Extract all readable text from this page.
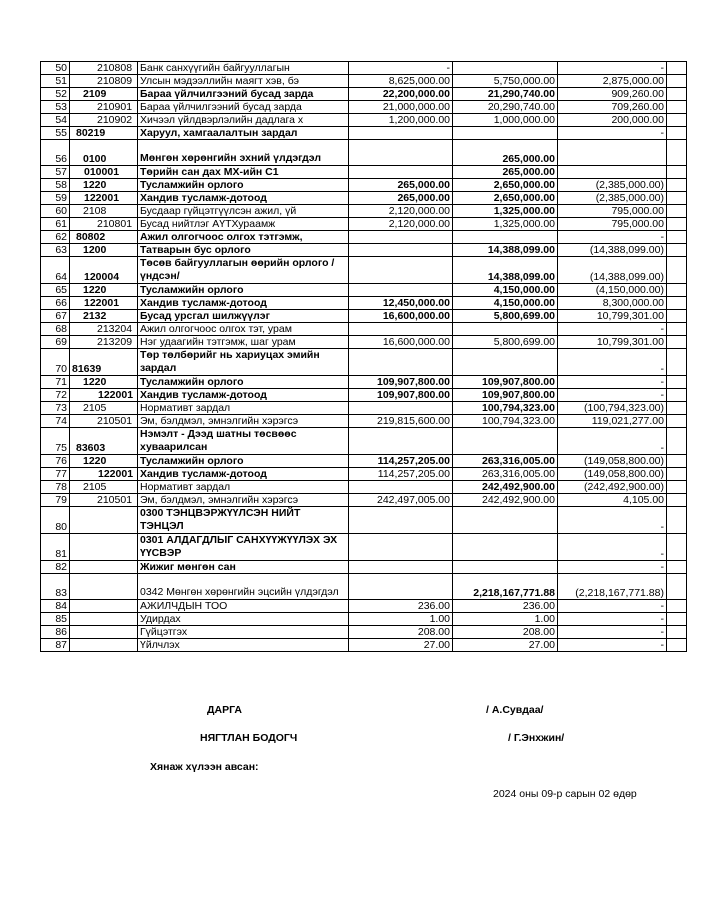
50	210808	Банк санхүүгийн байгууллагын	-		-	
51	210809	Улсын мэдээллийн маягт хэв, бэ	8,625,000.00	5,750,000.00	2,875,000.00	
52	2109	Бараа үйлчилгээний бусад зарда	22,200,000.00	21,290,740.00	909,260.00	
53	210901	Бараа үйлчилгээний бусад зарда	21,000,000.00	20,290,740.00	709,260.00	
54	210902	Хичээл үйлдвэрлэлийн дадлага х	1,200,000.00	1,000,000.00	200,000.00	
55	80219	Харуул, хамгаалалтын зардал			-	
56	0100	Мөнгөн хөрөнгийн эхний үлдэгдэл		265,000.00		
57	010001	Төрийн сан дах МХ-ийн С1		265,000.00		
58	1220	Тусламжийн орлого	265,000.00	2,650,000.00	(2,385,000.00)	
59	122001	Хандив тусламж-дотоод	265,000.00	2,650,000.00	(2,385,000.00)	
60	2108	Бусдаар гүйцэтгүүлсэн ажил, үй	2,120,000.00	1,325,000.00	795,000.00	
61	210801	Бусад нийтлэг АҮТХураамж	2,120,000.00	1,325,000.00	795,000.00	
62	80802	Ажил олгогчоос олгох тэтгэмж,			-	
63	1200	Татварын бус орлого		14,388,099.00	(14,388,099.00)	
64	120004	Төсөв байгууллагын өөрийн орлого /үндсэн/		14,388,099.00	(14,388,099.00)	
65	1220	Тусламжийн орлого		4,150,000.00	(4,150,000.00)	
66	122001	Хандив тусламж-дотоод	12,450,000.00	4,150,000.00	8,300,000.00	
67	2132	Бусад урсгал шилжүүлэг	16,600,000.00	5,800,699.00	10,799,301.00	
68	213204	Ажил олгогчоос олгох тэт, урам			-	
69	213209	Нэг удаагийн тэтгэмж, шаг урам	16,600,000.00	5,800,699.00	10,799,301.00	
70	81639	Төр төлбөрийг нь хариуцах эмийн зардал			-	
71	1220	Тусламжийн орлого	109,907,800.00	109,907,800.00	-	
72	122001	Хандив тусламж-дотоод	109,907,800.00	109,907,800.00	-	
73	2105	Нормативт зардал		100,794,323.00	(100,794,323.00)	
74	210501	Эм, бэлдмэл, эмнэлгийн хэрэгсэ	219,815,600.00	100,794,323.00	119,021,277.00	
75	83603	Нэмэлт - Дээд шатны төсвөөс хуваарилсан			-	
76	1220	Тусламжийн орлого	114,257,205.00	263,316,005.00	(149,058,800.00)	
77	122001	Хандив тусламж-дотоод	114,257,205.00	263,316,005.00	(149,058,800.00)	
78	2105	Нормативт зардал		242,492,900.00	(242,492,900.00)	
79	210501	Эм, бэлдмэл, эмнэлгийн хэрэгсэ	242,497,005.00	242,492,900.00	4,105.00	
80		0300 ТЭНЦВЭРЖҮҮЛСЭН НИЙТ ТЭНЦЭЛ			-	
81		0301 АЛДАГДЛЫГ САНХҮҮЖҮҮЛЭХ ЭХ ҮҮСВЭР			-	
82		Жижиг мөнгөн сан			-	
83		0342 Мөнгөн хөрөнгийн эцсийн үлдэгдэл		2,218,167,771.88	(2,218,167,771.88)	
84		АЖИЛЧДЫН ТОО	236.00	236.00	-	
85		Удирдах	1.00	1.00	-	
86		Гүйцэтгэх	208.00	208.00	-	
87		Үйлчлэх	27.00	27.00	-	
ДАРГА	/ А.Сувдаа/
НЯГТЛАН БОДОГЧ	/ Г.Энхжин/
Хянаж хүлээн авсан:
2024 оны 09-р сарын 02 өдөр
